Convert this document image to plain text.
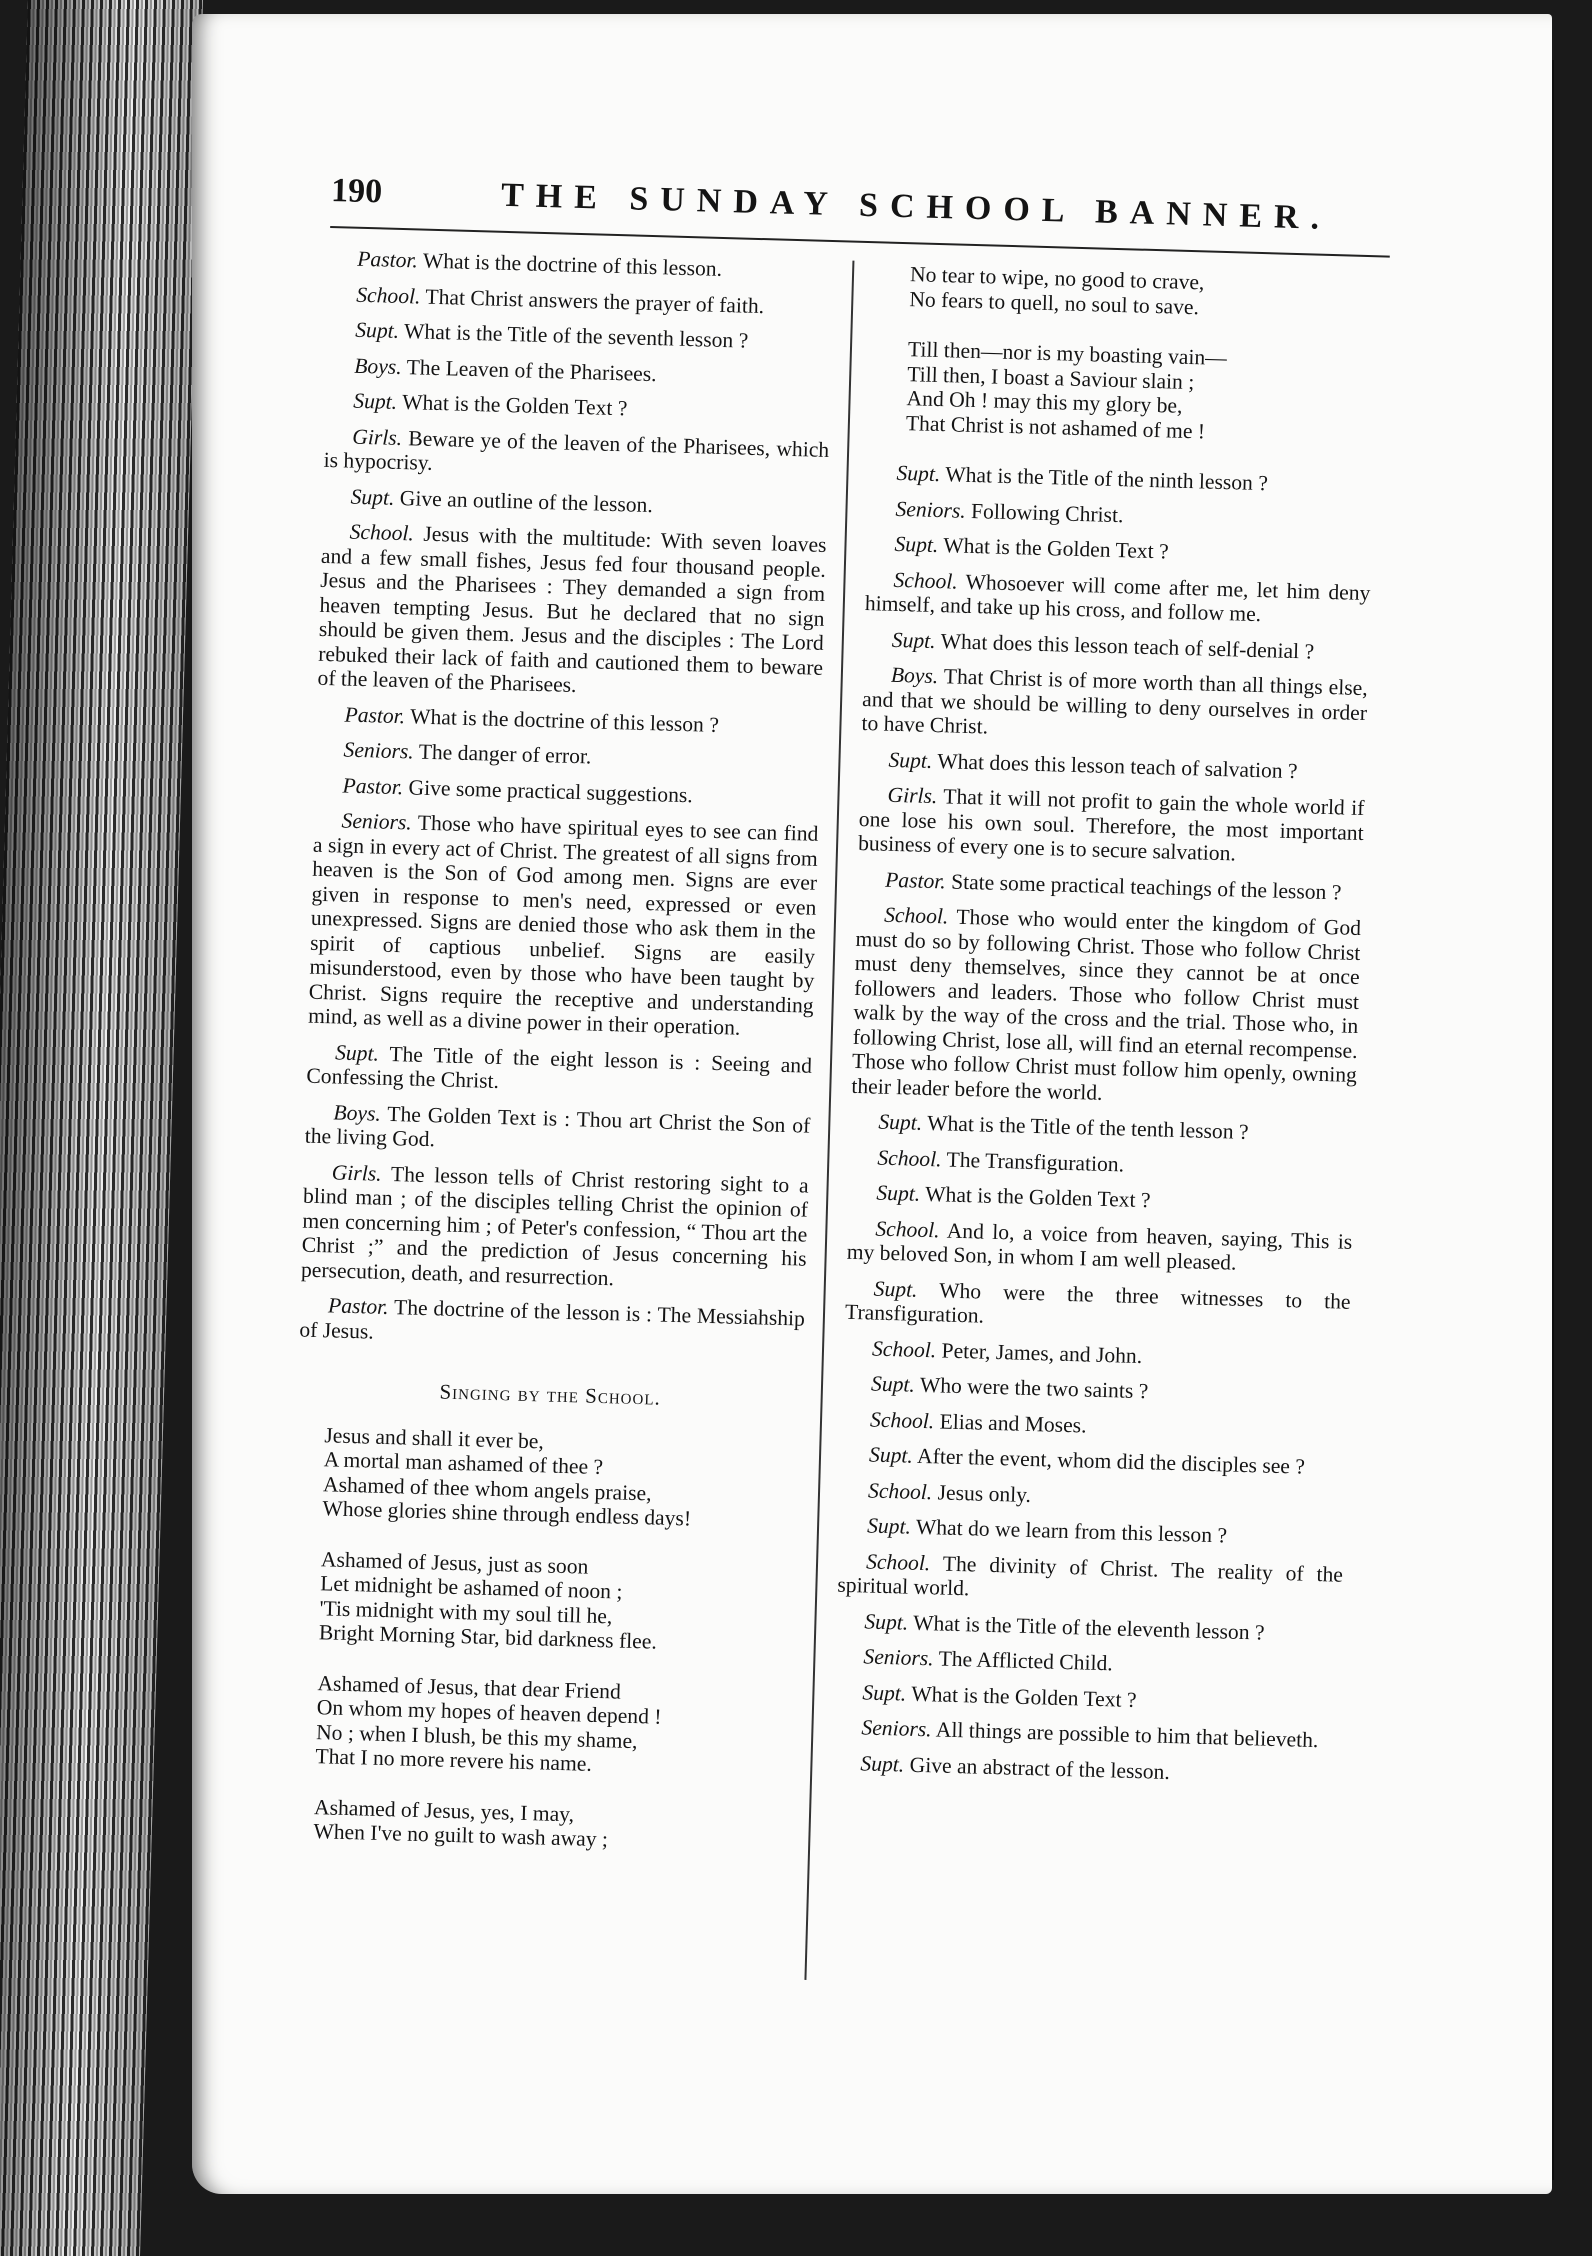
190	THE SUNDAY SCHOOL BANNER.

Pastor. What is the doctrine of this lesson.

School. That Christ answers the prayer of faith.

Supt. What is the Title of the seventh lesson ?

Boys. The Leaven of the Pharisees.

Supt. What is the Golden Text ?

Girls. Beware ye of the leaven of the Pharisees, which is hypocrisy.

Supt. Give an outline of the lesson.

School. Jesus with the multitude: With seven loaves and a few small fishes, Jesus fed four thousand people. Jesus and the Pharisees : They demanded a sign from heaven tempting Jesus. But he declared that no sign should be given them. Jesus and the disciples : The Lord rebuked their lack of faith and cautioned them to beware of the leaven of the Pharisees.

Pastor. What is the doctrine of this lesson ?

Seniors. The danger of error.

Pastor. Give some practical suggestions.

Seniors. Those who have spiritual eyes to see can find a sign in every act of Christ. The greatest of all signs from heaven is the Son of God among men. Signs are ever given in response to men's need, expressed or even unexpressed. Signs are denied those who ask them in the spirit of captious unbelief. Signs are easily misunderstood, even by those who have been taught by Christ. Signs require the receptive and understanding mind, as well as a divine power in their operation.

Supt. The Title of the eight lesson is : Seeing and Confessing the Christ.

Boys. The Golden Text is : Thou art Christ the Son of the living God.

Girls. The lesson tells of Christ restoring sight to a blind man ; of the disciples telling Christ the opinion of men concerning him ; of Peter's confession, “ Thou art the Christ ;” and the prediction of Jesus concerning his persecution, death, and resurrection.

Pastor. The doctrine of the lesson is : The Messiahship of Jesus.

Singing by the School.

Jesus and shall it ever be,
A mortal man ashamed of thee ?
Ashamed of thee whom angels praise,
Whose glories shine through endless days!
Ashamed of Jesus, just as soon
Let midnight be ashamed of noon ;
'Tis midnight with my soul till he,
Bright Morning Star, bid darkness flee.
Ashamed of Jesus, that dear Friend
On whom my hopes of heaven depend !
No ; when I blush, be this my shame,
That I no more revere his name.
Ashamed of Jesus, yes, I may,
When I've no guilt to wash away ;
No tear to wipe, no good to crave,
No fears to quell, no soul to save.
Till then—nor is my boasting vain—
Till then, I boast a Saviour slain ;
And Oh ! may this my glory be,
That Christ is not ashamed of me !

Supt. What is the Title of the ninth lesson ?

Seniors. Following Christ.

Supt. What is the Golden Text ?

School. Whosoever will come after me, let him deny himself, and take up his cross, and follow me.

Supt. What does this lesson teach of self-denial ?

Boys. That Christ is of more worth than all things else, and that we should be willing to deny ourselves in order to have Christ.

Supt. What does this lesson teach of salvation ?

Girls. That it will not profit to gain the whole world if one lose his own soul. Therefore, the most important business of every one is to secure salvation.

Pastor. State some practical teachings of the lesson ?

School. Those who would enter the kingdom of God must do so by following Christ. Those who follow Christ must deny themselves, since they cannot be at once followers and leaders. Those who follow Christ must walk by the way of the cross and the trial. Those who, in following Christ, lose all, will find an eternal recompense. Those who follow Christ must follow him openly, owning their leader before the world.

Supt. What is the Title of the tenth lesson ?

School. The Transfiguration.

Supt. What is the Golden Text ?

School. And lo, a voice from heaven, saying, This is my beloved Son, in whom I am well pleased.

Supt. Who were the three witnesses to the Transfiguration.

School. Peter, James, and John.

Supt. Who were the two saints ?

School. Elias and Moses.

Supt. After the event, whom did the disciples see ?

School. Jesus only.

Supt. What do we learn from this lesson ?

School. The divinity of Christ. The reality of the spiritual world.

Supt. What is the Title of the eleventh lesson ?

Seniors. The Afflicted Child.

Supt. What is the Golden Text ?

Seniors. All things are possible to him that believeth.

Supt. Give an abstract of the lesson.
